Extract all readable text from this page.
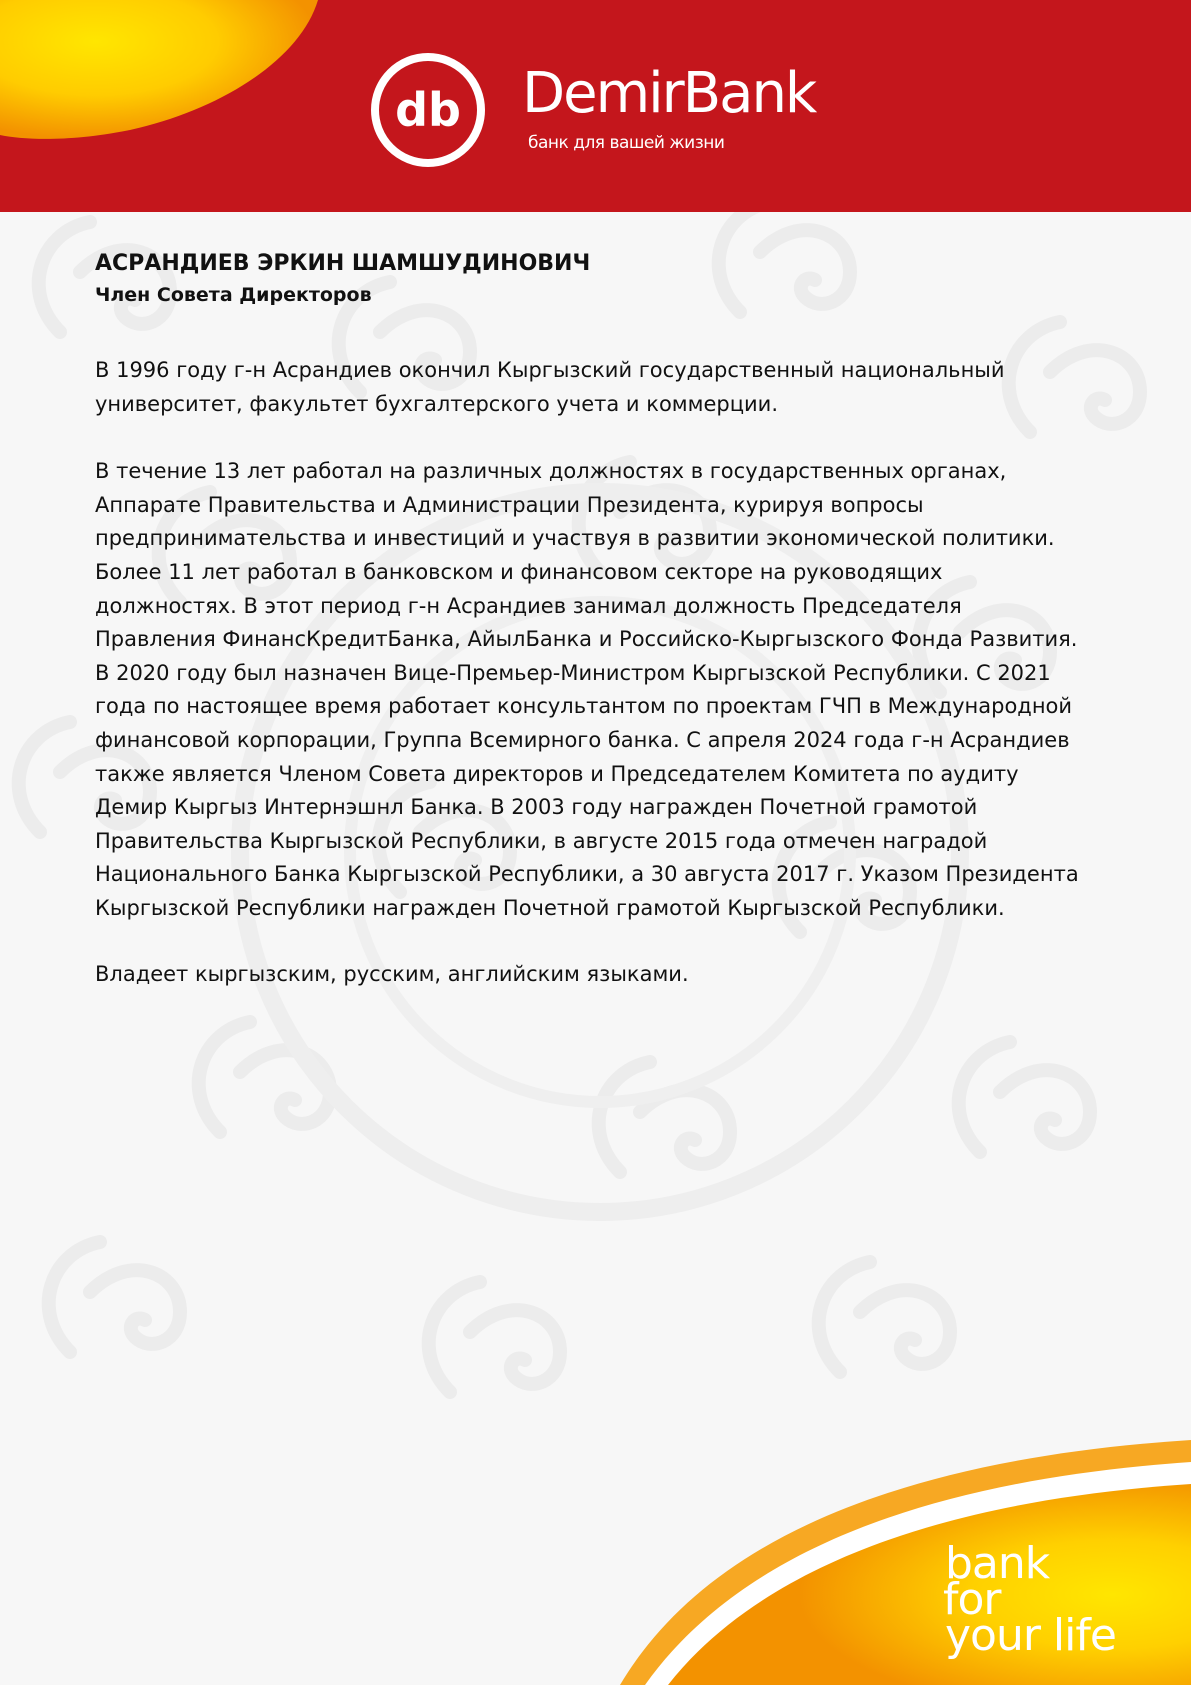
db DemirBank
банк для вашей жизни
АСРАНДИЕВ ЭРКИН ШАМШУДИНОВИЧ
Член Совета Директоров

В 1996 году г-н Асрандиев окончил Кыргызский государственный национальный университет, факультет бухгалтерского учета и коммерции.

В течение 13 лет работал на различных должностях в государственных органах, Аппарате Правительства и Администрации Президента, курируя вопросы предпринимательства и инвестиций и участвуя в развитии экономической политики. Более 11 лет работал в банковском и финансовом секторе на руководящих должностях. В этот период г-н Асрандиев занимал должность Председателя Правления ФинансКредитБанка, АйылБанка и Российско-Кыргызского Фонда Развития. В 2020 году был назначен Вице-Премьер-Министром Кыргызской Республики. С 2021 года по настоящее время работает консультантом по проектам ГЧП в Международной финансовой корпорации, Группа Всемирного банка. С апреля 2024 года г-н Асрандиев также является Членом Совета директоров и Председателем Комитета по аудиту Демир Кыргыз Интернэшнл Банка. В 2003 году награжден Почетной грамотой Правительства Кыргызской Республики, в августе 2015 года отмечен наградой Национального Банка Кыргызской Республики, а 30 августа 2017 г. Указом Президента Кыргызской Республики награжден Почетной грамотой Кыргызской Республики.

Владеет кыргызским, русским, английским языками.

bank
for
your life
